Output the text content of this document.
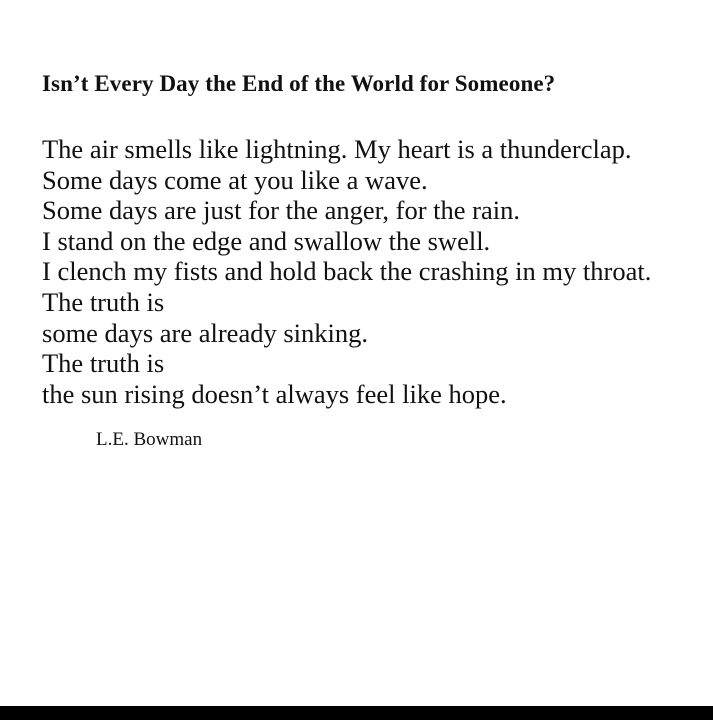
Isn’t Every Day the End of the World for Someone?
The air smells like lightning. My heart is a thunderclap.
Some days come at you like a wave.
Some days are just for the anger, for the rain.
I stand on the edge and swallow the swell.
I clench my fists and hold back the crashing in my throat.
The truth is
some days are already sinking.
The truth is
the sun rising doesn’t always feel like hope.
L.E. Bowman
